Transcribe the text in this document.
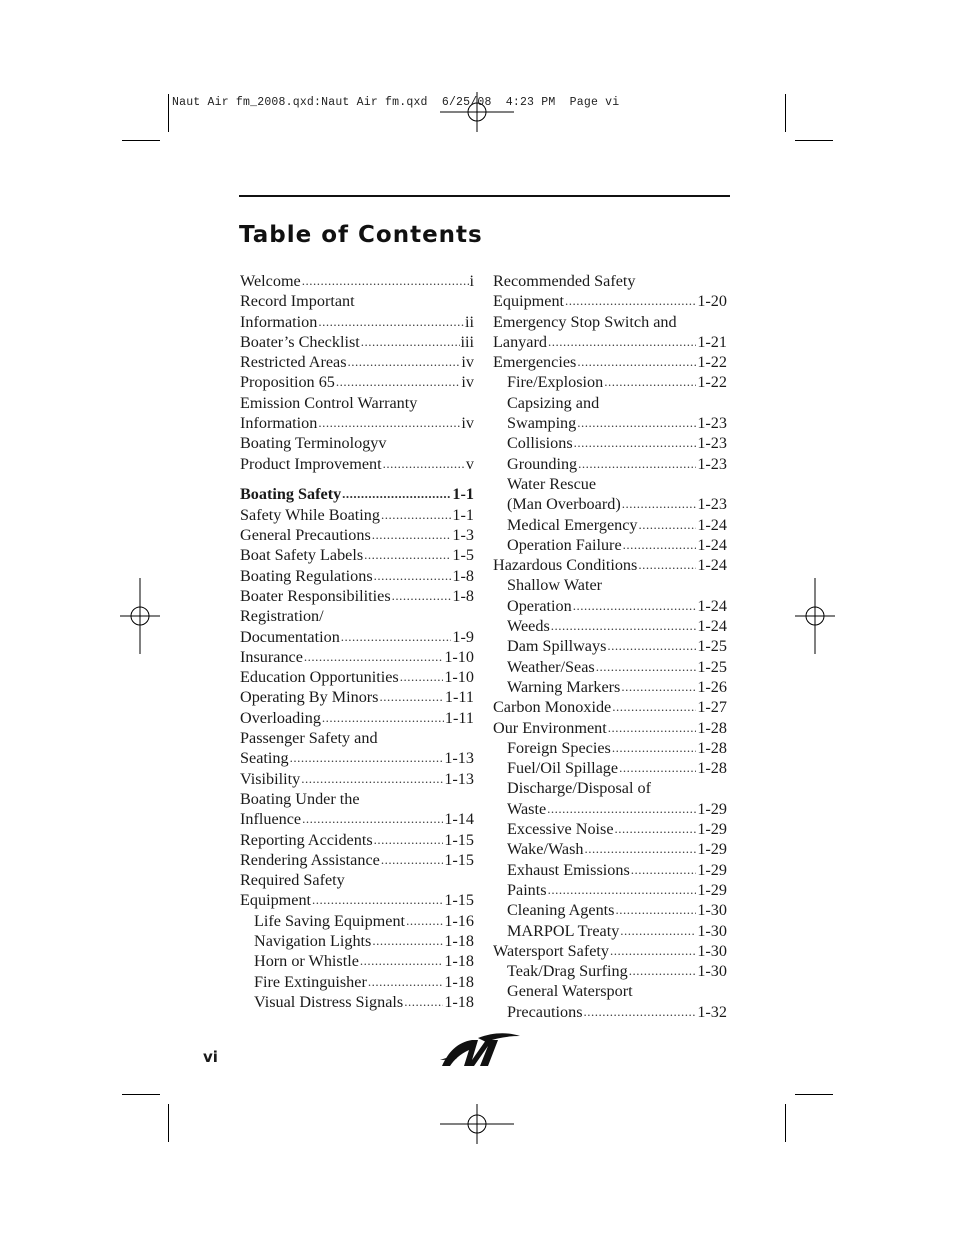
Naut Air fm_2008.qxd:Naut Air fm.qxd  6/25/08  4:23 PM  Page vi
Table of Contents
Welcome .....	i
Record Important
Information .....	ii
Boater’s Checklist .....	iii
Restricted Areas .....	iv
Proposition 65 .....	iv
Emission Control Warranty
Information .....	iv
Boating Terminologyv
Product Improvement .....	v
Boating Safety .....	1-1
Safety While Boating .....	1-1
General Precautions .....	1-3
Boat Safety Labels .....	1-5
Boating Regulations .....	1-8
Boater Responsibilities .....	1-8
Registration/
Documentation .....	1-9
Insurance .....	1-10
Education Opportunities .....	1-10
Operating By Minors .....	1-11
Overloading .....	1-11
Passenger Safety and
Seating .....	1-13
Visibility .....	1-13
Boating Under the
Influence .....	1-14
Reporting Accidents .....	1-15
Rendering Assistance .....	1-15
Required Safety
Equipment .....	1-15
Life Saving Equipment ..... 1-16
Navigation Lights .....	1-18
Horn or Whistle .....	1-18
Fire Extinguisher .....	1-18
Visual Distress Signals .....	1-18
Recommended Safety
Equipment .....	1-20
Emergency Stop Switch and
Lanyard .....	1-21
Emergencies .....	1-22
Fire/Explosion .....	1-22
Capsizing and
Swamping .....	1-23
Collisions .....	1-23
Grounding .....	1-23
Water Rescue
(Man Overboard) .....	1-23
Medical Emergency .....	1-24
Operation Failure .....	1-24
Hazardous Conditions .....	1-24
Shallow Water
Operation .....	1-24
Weeds .....	1-24
Dam Spillways .....	1-25
Weather/Seas .....	1-25
Warning Markers .....	1-26
Carbon Monoxide .....	1-27
Our Environment .....	1-28
Foreign Species .....	1-28
Fuel/Oil Spillage .....	1-28
Discharge/Disposal of
Waste .....	1-29
Excessive Noise .....	1-29
Wake/Wash .....	1-29
Exhaust Emissions .....	1-29
Paints .....	1-29
Cleaning Agents .....	1-30
MARPOL Treaty .....	1-30
Watersport Safety .....	1-30
Teak/Drag Surfing .....	1-30
General Watersport
Precautions .....	1-32
vi
